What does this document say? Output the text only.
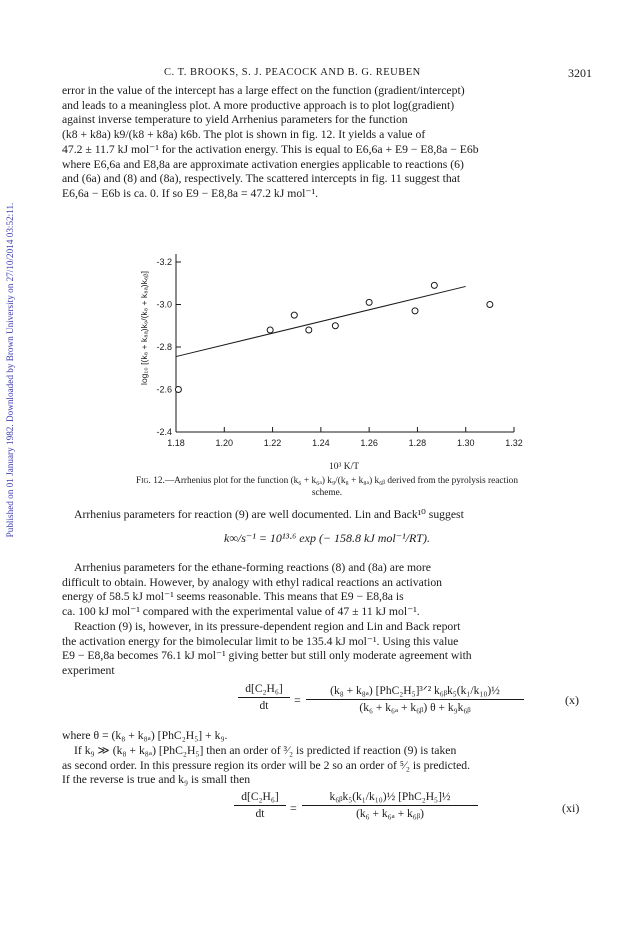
Published on 01 January 1982. Downloaded by Brown University on 27/10/2014 03:52:11.
C. T. BROOKS, S. J. PEACOCK AND B. G. REUBEN	3201

error in the value of the intercept has a large effect on the function (gradient/intercept)

and leads to a meaningless plot. A more productive approach is to plot log(gradient)

against inverse temperature to yield Arrhenius parameters for the function

(k8 + k8a) k9/(k8 + k8a) k6b. The plot is shown in fig. 12. It yields a value of

47.2 ± 11.7 kJ mol⁻¹ for the activation energy. This is equal to E6,6a + E9 − E8,8a − E6b

where E6,6a and E8,8a are approximate activation energies applicable to reactions (6)

and (6a) and (8) and (8a), respectively. The scattered intercepts in fig. 11 suggest that

E6,6a − E6b is ca. 0. If so E9 − E8,8a = 47.2 kJ mol⁻¹.

log₁₀ [(k₈ + k₈ₐ)k₉/(k₈ + k₈ₐ)k₆ᵦ]
1.18	1.20	1.22	1.24	1.26	1.28	1.30	1.32
-2.4
-2.6
-2.8
-3.0
-3.2
10³ K/T
Fig. 12.—Arrhenius plot for the function (k₆ + k₆ₐ) k₉/(k₈ + k₈ₐ) k₆ᵦ derived from the pyrolysis reaction
scheme.

Arrhenius parameters for reaction (9) are well documented. Lin and Back¹⁰ suggest

k∞/s⁻¹ = 10¹³·⁶ exp (− 158.8 kJ mol⁻¹/RT).

Arrhenius parameters for the ethane-forming reactions (8) and (8a) are more

difficult to obtain. However, by analogy with ethyl radical reactions an activation

energy of 58.5 kJ mol⁻¹ seems reasonable. This means that E9 − E8,8a is

ca. 100 kJ mol⁻¹ compared with the experimental value of 47 ± 11 kJ mol⁻¹.

Reaction (9) is, however, in its pressure-dependent region and Lin and Back report

the activation energy for the bimolecular limit to be 135.4 kJ mol⁻¹. Using this value

E9 − E8,8a becomes 76.1 kJ mol⁻¹ giving better but still only moderate agreement with

experiment

d[C₂H₆]
dt	=
(k₈ + k₈ₐ) [PhC₂H₅]³ᐟ² k₆ᵦk₅(k₁/k₁₀)½
(k₆ + k₆ₐ + k₆ᵦ) θ + k₉k₆ᵦ
(x)

where θ = (k₈ + k₈ₐ) [PhC₂H₅] + k₉.

If k₉ ≫ (k₈ + k₈ₐ) [PhC₂H₅] then an order of ³⁄₂ is predicted if reaction (9) is taken

as second order. In this pressure region its order will be 2 so an order of ⁵⁄₂ is predicted.

If the reverse is true and k₉ is small then

d[C₂H₆]
dt	=
k₆ᵦk₅(k₁/k₁₀)½ [PhC₂H₅]½
(k₆ + k₆ₐ + k₆ᵦ)	(xi)
